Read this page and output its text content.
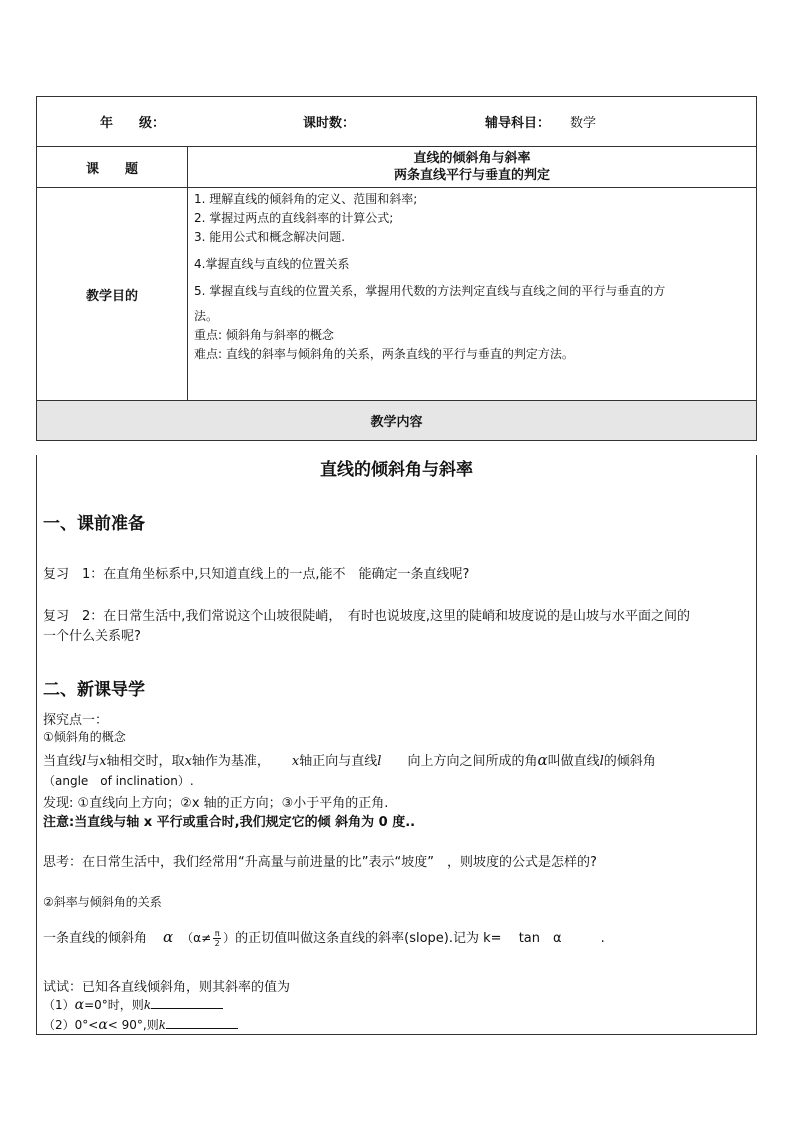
年　　级：	课时数：	辅导科目： 数学
课　　题
直线的倾斜角与斜率
两条直线平行与垂直的判定
教学目的
1. 理解直线的倾斜角的定义、范围和斜率;
2. 掌握过两点的直线斜率的计算公式;
3. 能用公式和概念解决问题.
4.掌握直线与直线的位置关系
5. 掌握直线与直线的位置关系，掌握用代数的方法判定直线与直线之间的平行与垂直的方
法。
重点: 倾斜角与斜率的概念
难点: 直线的斜率与倾斜角的关系，两条直线的平行与垂直的判定方法。
教学内容
直线的倾斜角与斜率
一、课前准备
复习　1：在直角坐标系中,只知道直线上的一点,能不　能确定一条直线呢?
复习　2：在日常生活中,我们常说这个山坡很陡峭，　有时也说坡度,这里的陡峭和坡度说的是山坡与水平面之间的
一个什么关系呢?
二、新课导学
探究点一：
①倾斜角的概念
当直线l与x轴相交时，取x轴作为基准， x轴正向与直线l 向上方向之间所成的角α叫做直线l的倾斜角
（angle　of inclination）.
发现: ①直线向上方向；②x 轴的正方向；③小于平角的正角.
注意:当直线与轴 x 平行或重合时,我们规定它的倾 斜角为 0 度..
思考：在日常生活中，我们经常用“升高量与前进量的比”表示“坡度”　，则坡度的公式是怎样的?
②斜率与倾斜角的关系
一条直线的倾斜角 α （$\alpha\ne \frac{\pi}{2}$ ）的正切值叫做这条直线的斜率(slope).记为 k=　 tan　α　　　.
试试：已知各直线倾斜角，则其斜率的值为
（1）α=0°时，则k
（2）0°<α< 90°,则k
